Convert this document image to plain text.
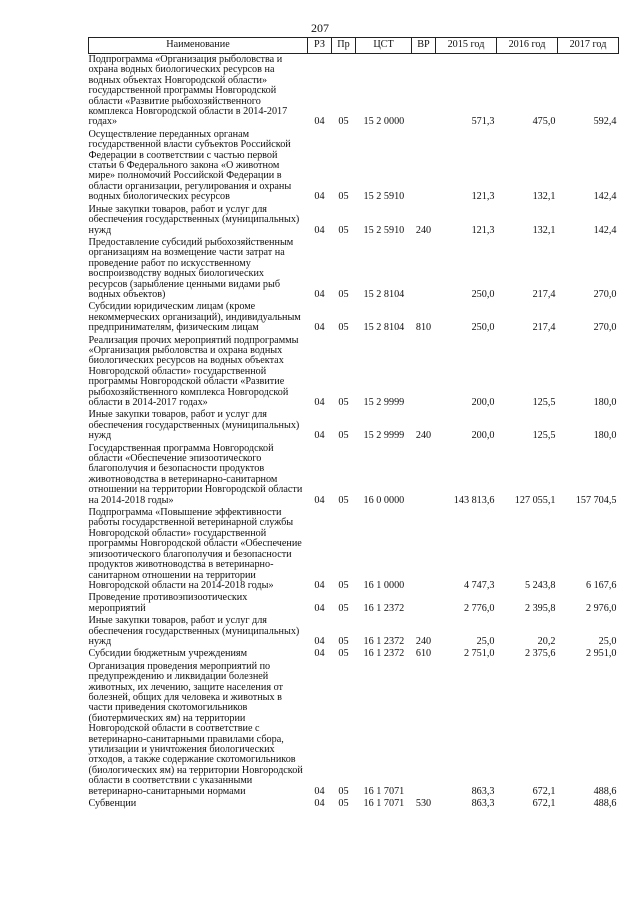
207
Наименование	РЗ	Пр	ЦСТ	ВР	2015 год	2016 год	2017 год
Подпрограмма «Организация рыболовства и охрана водных биологических ресурсов на водных объектах Новгородской области» государственной программы Новгородской области «Развитие рыбохозяйственного комплекса Новгородской области в 2014-2017 годах»	04	05	15 2 0000		571,3	475,0	592,4
Осуществление переданных органам государственной власти субъектов Российской Федерации в соответствии с частью первой статьи 6 Федерального закона «О животном мире» полномочий Российской Федерации в области организации, регулирования и охраны водных биологических ресурсов	04	05	15 2 5910		121,3	132,1	142,4
Иные закупки товаров, работ и услуг для обеспечения государственных (муниципальных) нужд	04	05	15 2 5910	240	121,3	132,1	142,4
Предоставление субсидий рыбохозяйственным организациям на возмещение части затрат на проведение работ по искусственному воспроизводству водных биологических ресурсов (зарыбление ценными видами рыб водных объектов)	04	05	15 2 8104		250,0	217,4	270,0
Субсидии юридическим лицам (кроме некоммерческих организаций), индивидуальным предпринимателям, физическим лицам	04	05	15 2 8104	810	250,0	217,4	270,0
Реализация прочих мероприятий подпрограммы «Организация рыболовства и охрана водных биологических ресурсов на водных объектах Новгородской области» государственной программы Новгородской области «Развитие рыбохозяйственного комплекса Новгородской области в 2014-2017 годах»	04	05	15 2 9999		200,0	125,5	180,0
Иные закупки товаров, работ и услуг для обеспечения государственных (муниципальных) нужд	04	05	15 2 9999	240	200,0	125,5	180,0
Государственная программа Новгородской области «Обеспечение эпизоотического благополучия и безопасности продуктов животноводства в ветеринарно-санитарном отношении на территории Новгородской области на 2014-2018 годы»	04	05	16 0 0000		143 813,6	127 055,1	157 704,5
Подпрограмма «Повышение эффективности работы государственной ветеринарной службы Новгородской области» государственной программы Новгородской области «Обеспечение эпизоотического благополучия и безопасности продуктов животноводства в ветеринарно-санитарном отношении на территории Новгородской области на 2014-2018 годы»	04	05	16 1 0000		4 747,3	5 243,8	6 167,6
Проведение противоэпизоотических мероприятий	04	05	16 1 2372		2 776,0	2 395,8	2 976,0
Иные закупки товаров, работ и услуг для обеспечения государственных (муниципальных) нужд	04	05	16 1 2372	240	25,0	20,2	25,0
Субсидии бюджетным учреждениям	04	05	16 1 2372	610	2 751,0	2 375,6	2 951,0
Организация проведения мероприятий по предупреждению и ликвидации болезней животных, их лечению, защите населения от болезней, общих для человека и животных в части приведения скотомогильников (биотермических ям) на территории Новгородской области в соответствие с ветеринарно-санитарными правилами сбора, утилизации и уничтожения биологических отходов, а также содержание скотомогильников (биологических ям) на территории Новгородской области в соответствии с указанными ветеринарно-санитарными нормами	04	05	16 1 7071		863,3	672,1	488,6
Субвенции	04	05	16 1 7071	530	863,3	672,1	488,6
